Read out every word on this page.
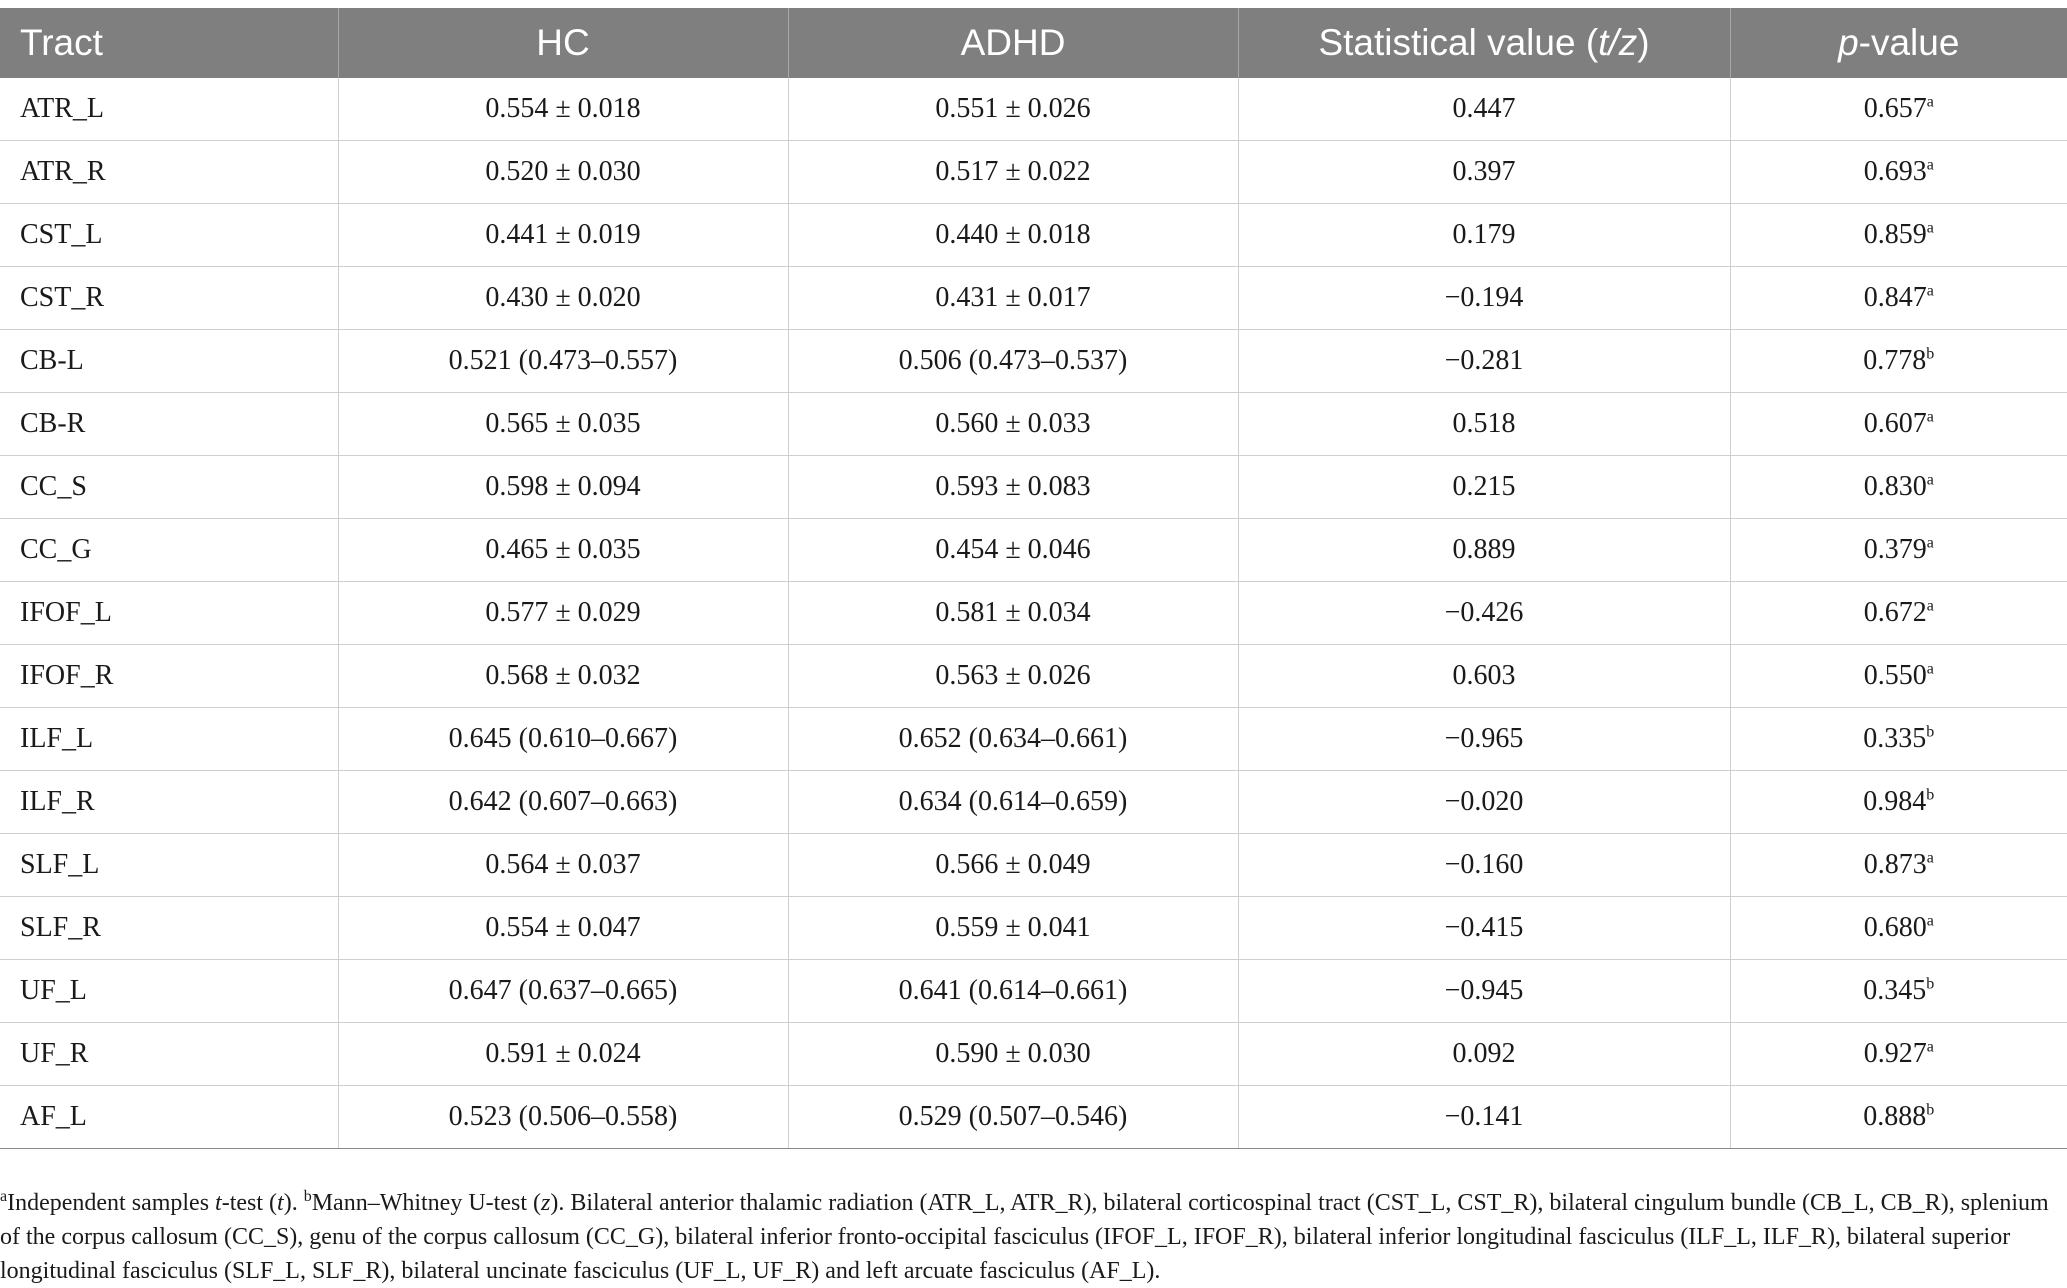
Tract	HC	ADHD	Statistical value (t/z)	p-value
ATR_L	0.554 ± 0.018	0.551 ± 0.026	0.447	0.657$^a$
ATR_R	0.520 ± 0.030	0.517 ± 0.022	0.397	0.693$^a$
CST_L	0.441 ± 0.019	0.440 ± 0.018	0.179	0.859$^a$
CST_R	0.430 ± 0.020	0.431 ± 0.017	−0.194	0.847$^a$
CB-L	0.521 (0.473–0.557)	0.506 (0.473–0.537)	−0.281	0.778$^b$
CB-R	0.565 ± 0.035	0.560 ± 0.033	0.518	0.607$^a$
CC_S	0.598 ± 0.094	0.593 ± 0.083	0.215	0.830$^a$
CC_G	0.465 ± 0.035	0.454 ± 0.046	0.889	0.379$^a$
IFOF_L	0.577 ± 0.029	0.581 ± 0.034	−0.426	0.672$^a$
IFOF_R	0.568 ± 0.032	0.563 ± 0.026	0.603	0.550$^a$
ILF_L	0.645 (0.610–0.667)	0.652 (0.634–0.661)	−0.965	0.335$^b$
ILF_R	0.642 (0.607–0.663)	0.634 (0.614–0.659)	−0.020	0.984$^b$
SLF_L	0.564 ± 0.037	0.566 ± 0.049	−0.160	0.873$^a$
SLF_R	0.554 ± 0.047	0.559 ± 0.041	−0.415	0.680$^a$
UF_L	0.647 (0.637–0.665)	0.641 (0.614–0.661)	−0.945	0.345$^b$
UF_R	0.591 ± 0.024	0.590 ± 0.030	0.092	0.927$^a$
AF_L	0.523 (0.506–0.558)	0.529 (0.507–0.546)	−0.141	0.888$^b$
$^a$Independent samples t-test (t). $^b$Mann–Whitney U-test (z). Bilateral anterior thalamic radiation (ATR_L, ATR_R), bilateral corticospinal tract (CST_L, CST_R), bilateral cingulum bundle (CB_L, CB_R), splenium of the corpus callosum (CC_S), genu of the corpus callosum (CC_G), bilateral inferior fronto-occipital fasciculus (IFOF_L, IFOF_R), bilateral inferior longitudinal fasciculus (ILF_L, ILF_R), bilateral superior longitudinal fasciculus (SLF_L, SLF_R), bilateral uncinate fasciculus (UF_L, UF_R) and left arcuate fasciculus (AF_L).
